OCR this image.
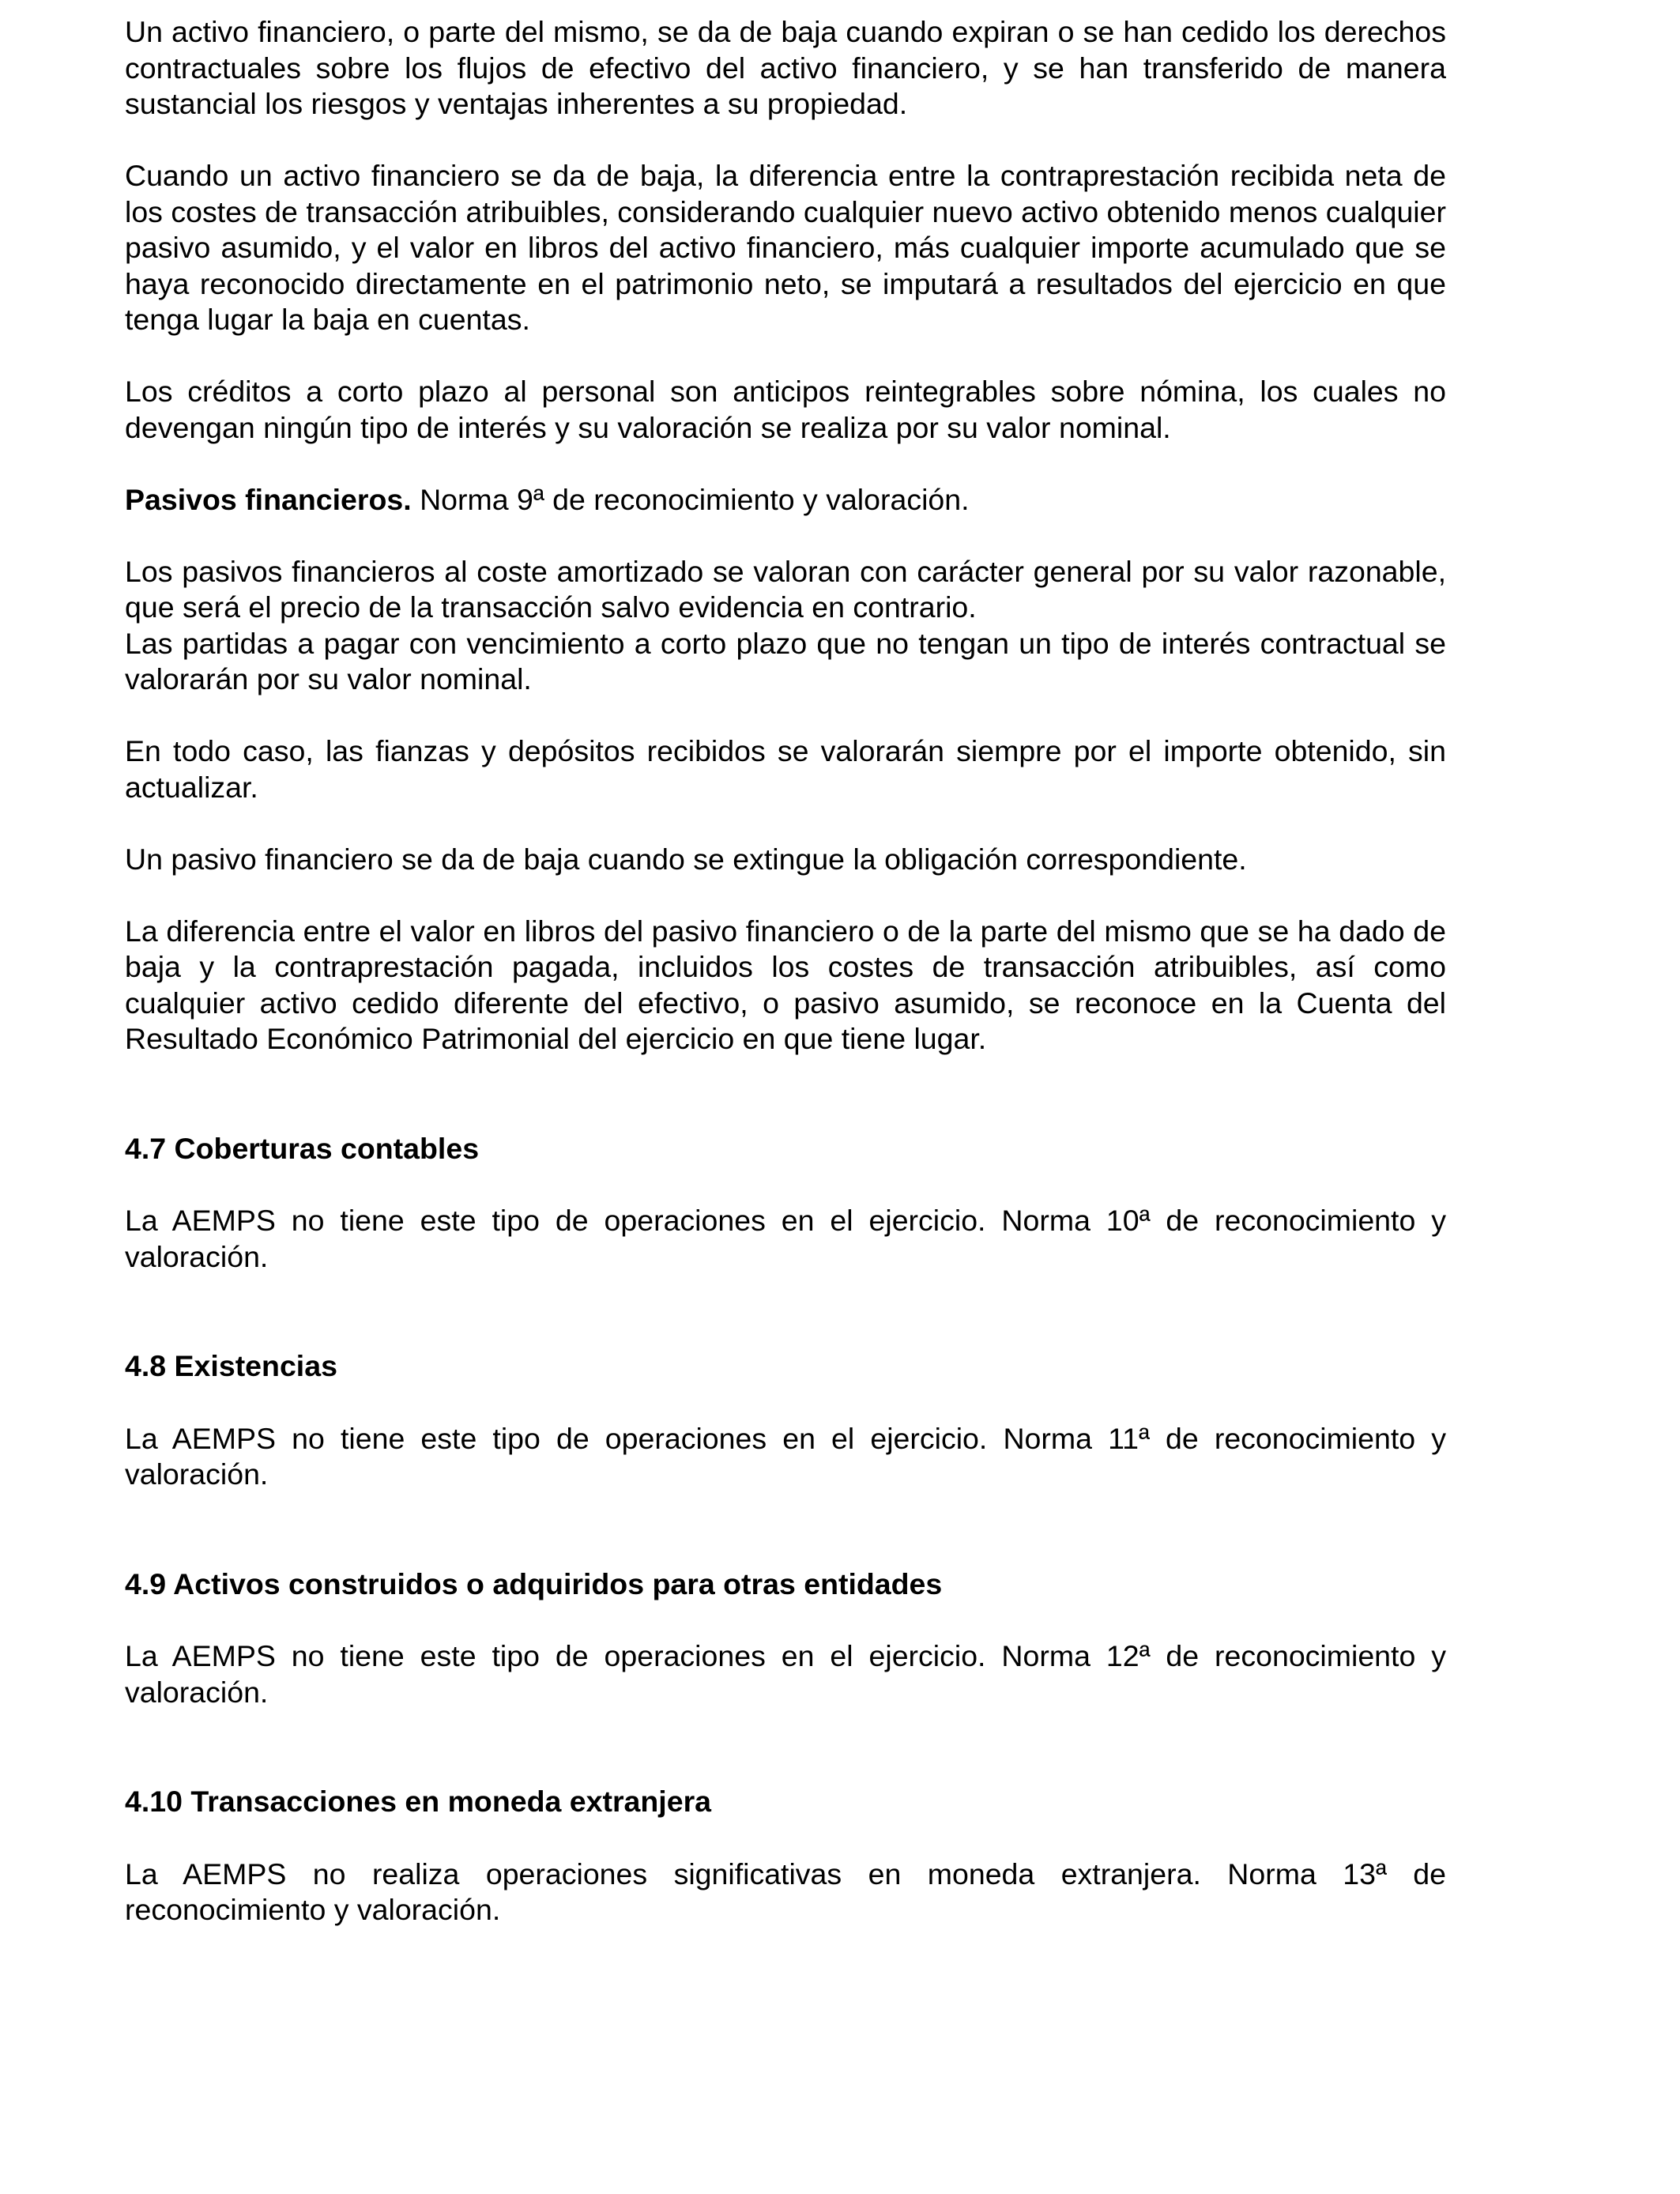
Un activo financiero, o parte del mismo, se da de baja cuando expiran o se han cedido los derechos contractuales sobre los flujos de efectivo del activo financiero, y se han transferido de manera sustancial los riesgos y ventajas inherentes a su propiedad.

Cuando un activo financiero se da de baja, la diferencia entre la contraprestación recibida neta de los costes de transacción atribuibles, considerando cualquier nuevo activo obtenido menos cualquier pasivo asumido, y el valor en libros del activo financiero, más cualquier importe acumulado que se haya reconocido directamente en el patrimonio neto, se imputará a resultados del ejercicio en que tenga lugar la baja en cuentas.

Los créditos a corto plazo al personal son anticipos reintegrables sobre nómina, los cuales no devengan ningún tipo de interés y su valoración se realiza por su valor nominal.

Pasivos financieros. Norma 9ª de reconocimiento y valoración.

Los pasivos financieros al coste amortizado se valoran con carácter general por su valor razonable, que será el precio de la transacción salvo evidencia en contrario.

Las partidas a pagar con vencimiento a corto plazo que no tengan un tipo de interés contractual se valorarán por su valor nominal.

En todo caso, las fianzas y depósitos recibidos se valorarán siempre por el importe obtenido, sin actualizar.

Un pasivo financiero se da de baja cuando se extingue la obligación correspondiente.

La diferencia entre el valor en libros del pasivo financiero o de la parte del mismo que se ha dado de baja y la contraprestación pagada, incluidos los costes de transacción atribuibles, así como cualquier activo cedido diferente del efectivo, o pasivo asumido, se reconoce en la Cuenta del Resultado Económico Patrimonial del ejercicio en que tiene lugar.

4.7 Coberturas contables

La AEMPS no tiene este tipo de operaciones en el ejercicio. Norma 10ª de reconocimiento y valoración.

4.8 Existencias

La AEMPS no tiene este tipo de operaciones en el ejercicio. Norma 11ª de reconocimiento y valoración.

4.9 Activos construidos o adquiridos para otras entidades

La AEMPS no tiene este tipo de operaciones en el ejercicio. Norma 12ª de reconocimiento y valoración.

4.10 Transacciones en moneda extranjera

La AEMPS no realiza operaciones significativas en moneda extranjera. Norma 13ª de reconocimiento y valoración.
